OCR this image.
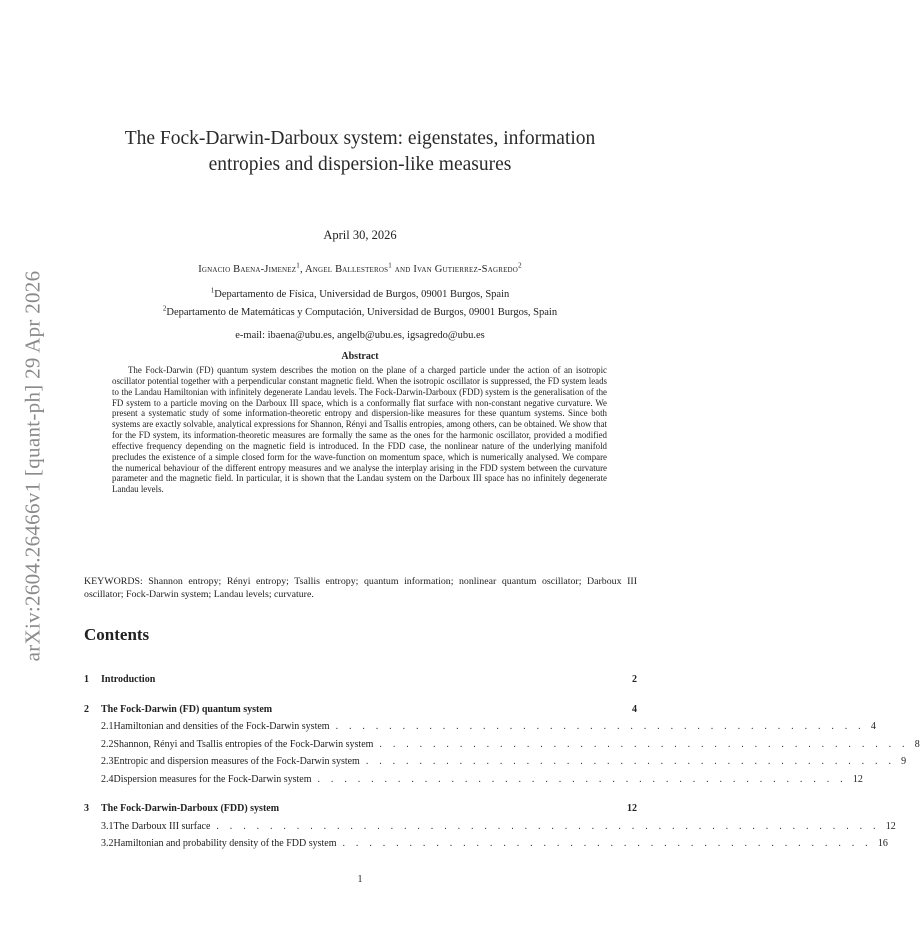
arXiv:2604.26466v1 [quant-ph] 29 Apr 2026
The Fock-Darwin-Darboux system: eigenstates, information
entropies and dispersion-like measures
April 30, 2026
Ignacio Baena-Jimenez$^1$, Angel Ballesteros$^1$ and Ivan Gutierrez-Sagredo$^2$
$^1$Departamento de Física, Universidad de Burgos, 09001 Burgos, Spain
$^2$Departamento de Matemáticas y Computación, Universidad de Burgos, 09001 Burgos, Spain
e-mail: ibaena@ubu.es, angelb@ubu.es, igsagredo@ubu.es
Abstract
The Fock-Darwin (FD) quantum system describes the motion on the plane of a charged particle under the action of an isotropic oscillator potential together with a perpendicular constant magnetic field. When the isotropic oscillator is suppressed, the FD system leads to the Landau Hamiltonian with infinitely degenerate Landau levels. The Fock-Darwin-Darboux (FDD) system is the generalisation of the FD system to a particle moving on the Darboux III space, which is a conformally flat surface with non-constant negative curvature. We present a systematic study of some information-theoretic entropy and dispersion-like measures for these quantum systems. Since both systems are exactly solvable, analytical expressions for Shannon, Rényi and Tsallis entropies, among others, can be obtained. We show that for the FD system, its information-theoretic measures are formally the same as the ones for the harmonic oscillator, provided a modified effective frequency depending on the magnetic field is introduced. In the FDD case, the nonlinear nature of the underlying manifold precludes the existence of a simple closed form for the wave-function on momentum space, which is numerically analysed. We compare the numerical behaviour of the different entropy measures and we analyse the interplay arising in the FDD system between the curvature parameter and the magnetic field. In particular, it is shown that the Landau system on the Darboux III space has no infinitely degenerate Landau levels.
KEYWORDS: Shannon entropy; Rényi entropy; Tsallis entropy; quantum information; nonlinear quantum oscillator; Darboux III oscillator; Fock-Darwin system; Landau levels; curvature.
Contents
1	Introduction	2
2	The Fock-Darwin (FD) quantum system	4
2.1 Hamiltonian and densities of the Fock-Darwin system . . . . . . . . . . . . . . . . . . . . . . . . . . . . . . . . . . . . . . . . 4
2.2 Shannon, Rényi and Tsallis entropies of the Fock-Darwin system . . . . . . . . . . . . . . . . . . . . . . . . . . . . . . . . . . . . . . . . 8
2.3 Entropic and dispersion measures of the Fock-Darwin system . . . . . . . . . . . . . . . . . . . . . . . . . . . . . . . . . . . . . . . . 9
2.4 Dispersion measures for the Fock-Darwin system . . . . . . . . . . . . . . . . . . . . . . . . . . . . . . . . . . . . . . . . 12
3	The Fock-Darwin-Darboux (FDD) system	12
3.1 The Darboux III surface . . . . . . . . . . . . . . . . . . . . . . . . . . . . . . . . . . . . . . . . . . . . . . . . . . 12
3.2 Hamiltonian and probability density of the FDD system . . . . . . . . . . . . . . . . . . . . . . . . . . . . . . . . . . . . . . . . 16
1
